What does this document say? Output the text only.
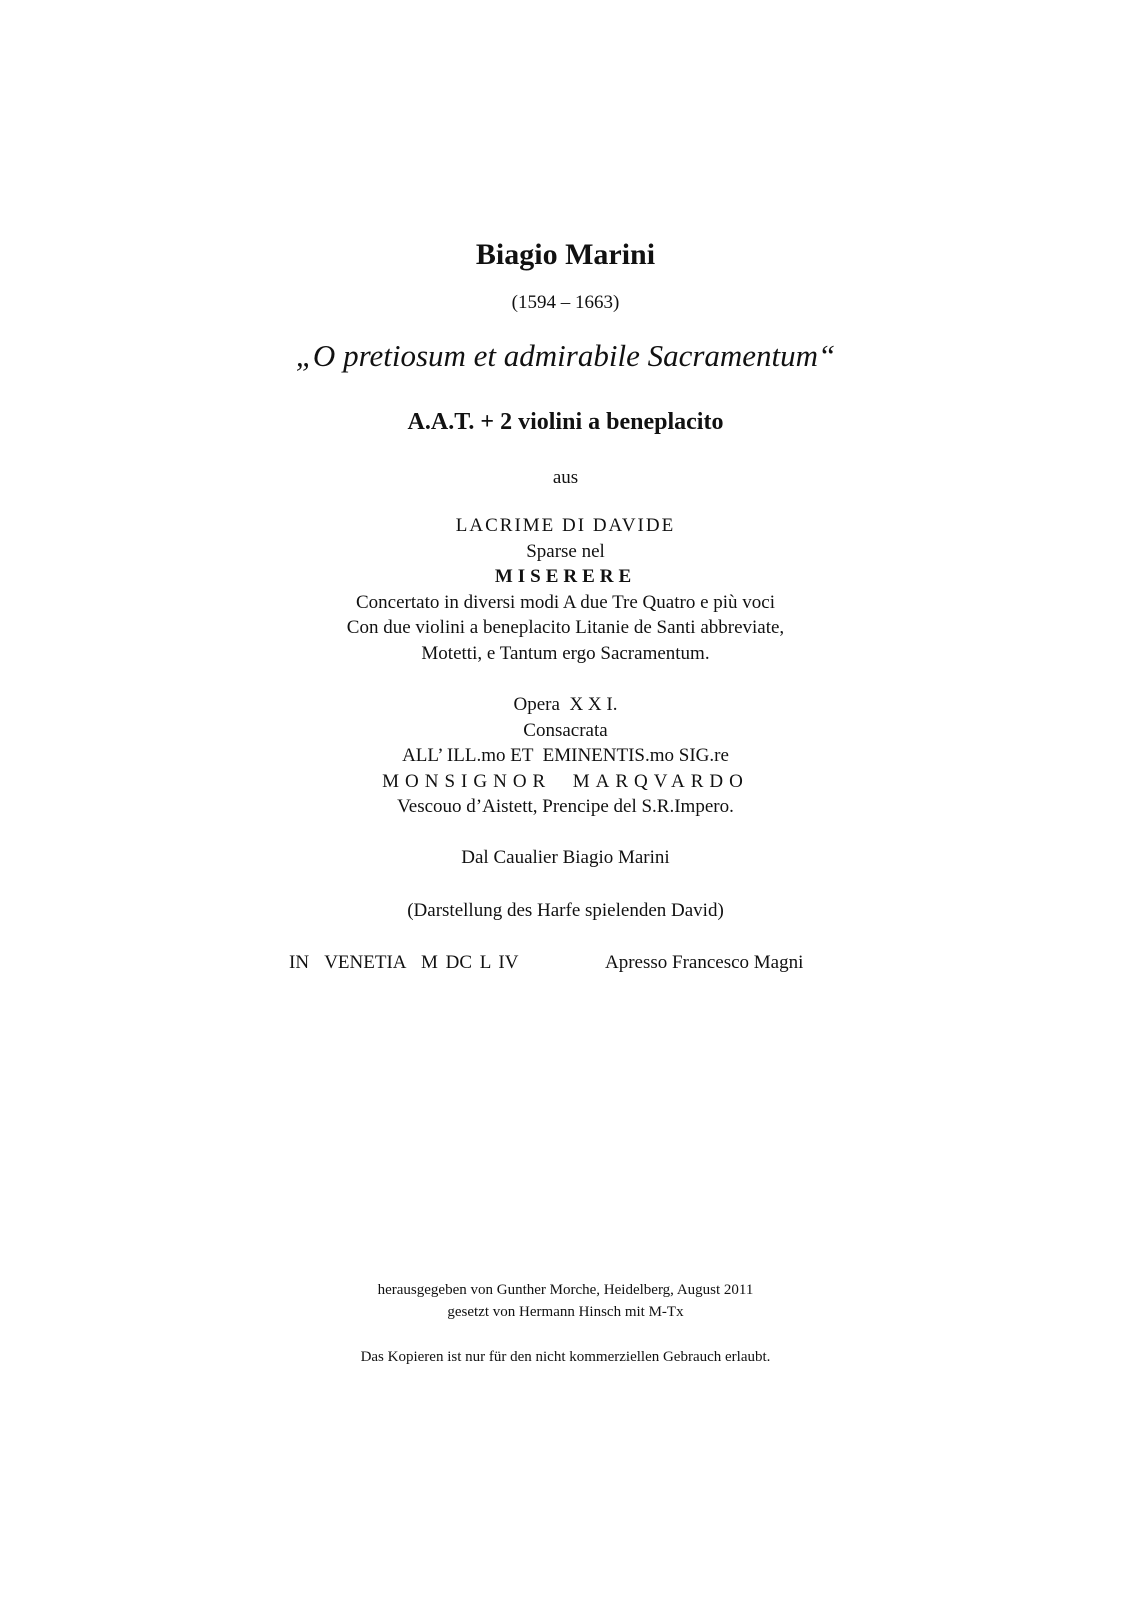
Biagio Marini
(1594 – 1663)
„O pretiosum et admirabile Sacramentum“
A.A.T. + 2 violini a beneplacito
aus
LACRIME DI DAVIDE
Sparse nel
MISERERE
Concertato in diversi modi A due Tre Quatro e più voci
Con due violini a beneplacito Litanie de Santi abbreviate,
Motetti, e Tantum ergo Sacramentum.
Opera  X X I.
Consacrata
ALL’ ILL.mo ET  EMINENTIS.mo SIG.re
MONSIGNOR  MARQVARDO
Vescouo d’Aistett, Prencipe del S.R.Impero.
Dal Caualier Biagio Marini
(Darstellung des Harfe spielenden David)
IN  VENETIA  M DC L IV	Apresso Francesco Magni
herausgegeben von Gunther Morche, Heidelberg, August 2011
gesetzt von Hermann Hinsch mit M-Tx
Das Kopieren ist nur für den nicht kommerziellen Gebrauch erlaubt.
